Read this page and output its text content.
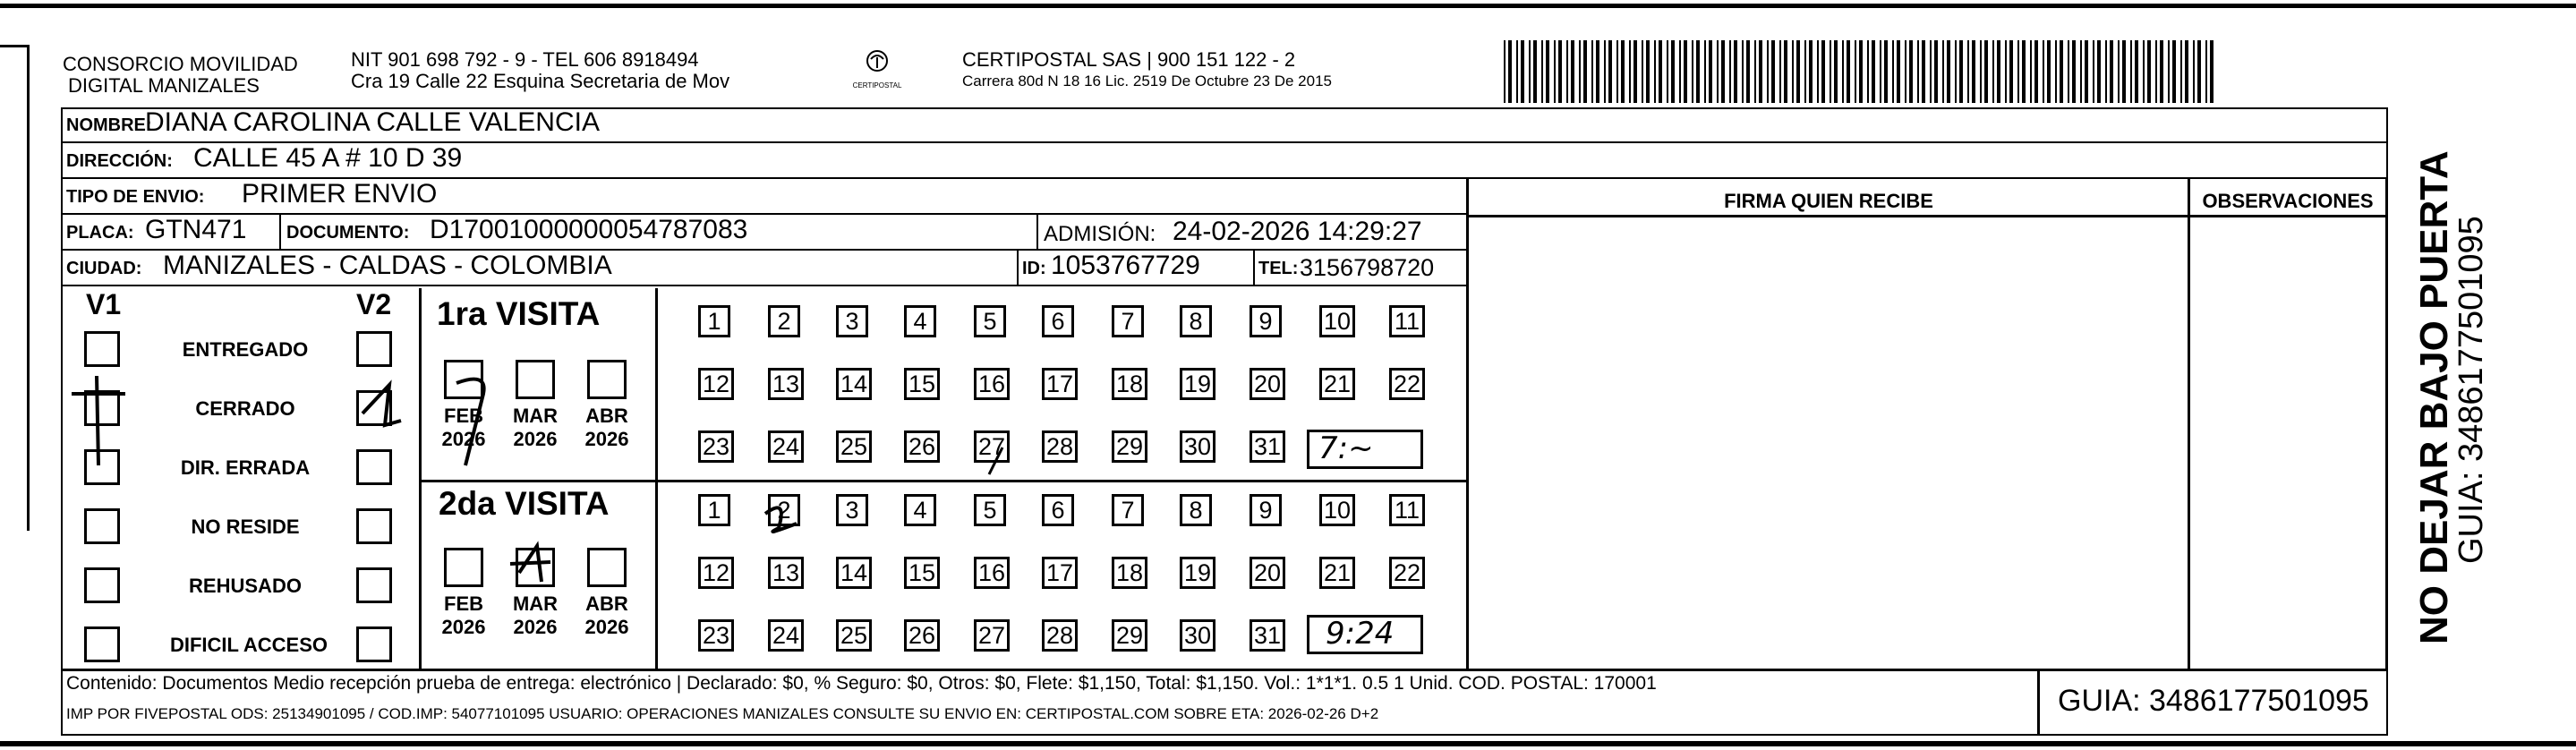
CONSORCIO MOVILIDAD
DIGITAL MANIZALES
NIT 901 698 792 - 9 - TEL 606 8918494
Cra 19 Calle 22 Esquina Secretaria de Mov	CERTIPOSTAL
CERTIPOSTAL SAS | 900 151 122 - 2
Carrera 80d N 18 16 Lic. 2519 De Octubre 23 De 2015
NOMBRE:
DIANA CAROLINA CALLE VALENCIA
DIRECCIÓN: CALLE 45 A # 10 D 39
TIPO DE ENVIO: PRIMER ENVIO
PLACA: GTN471 DOCUMENTO: D17001000000054787083	ADMISIÓN: 24-02-2026 14:29:27
CIUDAD: MANIZALES - CALDAS - COLOMBIA	ID: 1053767729	TEL: 3156798720
FIRMA QUIEN RECIBE	OBSERVACIONES
V1	V2
ENTREGADO
CERRADO
DIR. ERRADA
NO RESIDE
REHUSADO
DIFICIL ACCESO
1ra VISITA
2da VISITA
FEB
2026
MAR
2026
ABR
2026
FEB
2026
MAR
2026
ABR
2026
1	2	3	4	5	6	7	8	9	10 11
12 13 14 15 16 17 18 19 20 21 22
23 24 25 26 27 28 29 30 31
1	2	3	4	5	6	7	8	9	10 11
12 13 14 15 16 17 18 19 20 21 22
23 24 25 26 27 28 29 30 31
7:~
9:24
Contenido: Documentos Medio recepción prueba de entrega: electrónico | Declarado: $0, % Seguro: $0, Otros: $0, Flete: $1,150, Total: $1,150. Vol.: 1*1*1. 0.5 1 Unid. COD. POSTAL: 170001
IMP POR FIVEPOSTAL ODS: 25134901095 / COD.IMP: 54077101095 USUARIO: OPERACIONES MANIZALES CONSULTE SU ENVIO EN: CERTIPOSTAL.COM SOBRE ETA: 2026-02-26 D+2	GUIA: 3486177501095
NO DEJAR BAJO PUERTA
GUIA: 3486177501095
